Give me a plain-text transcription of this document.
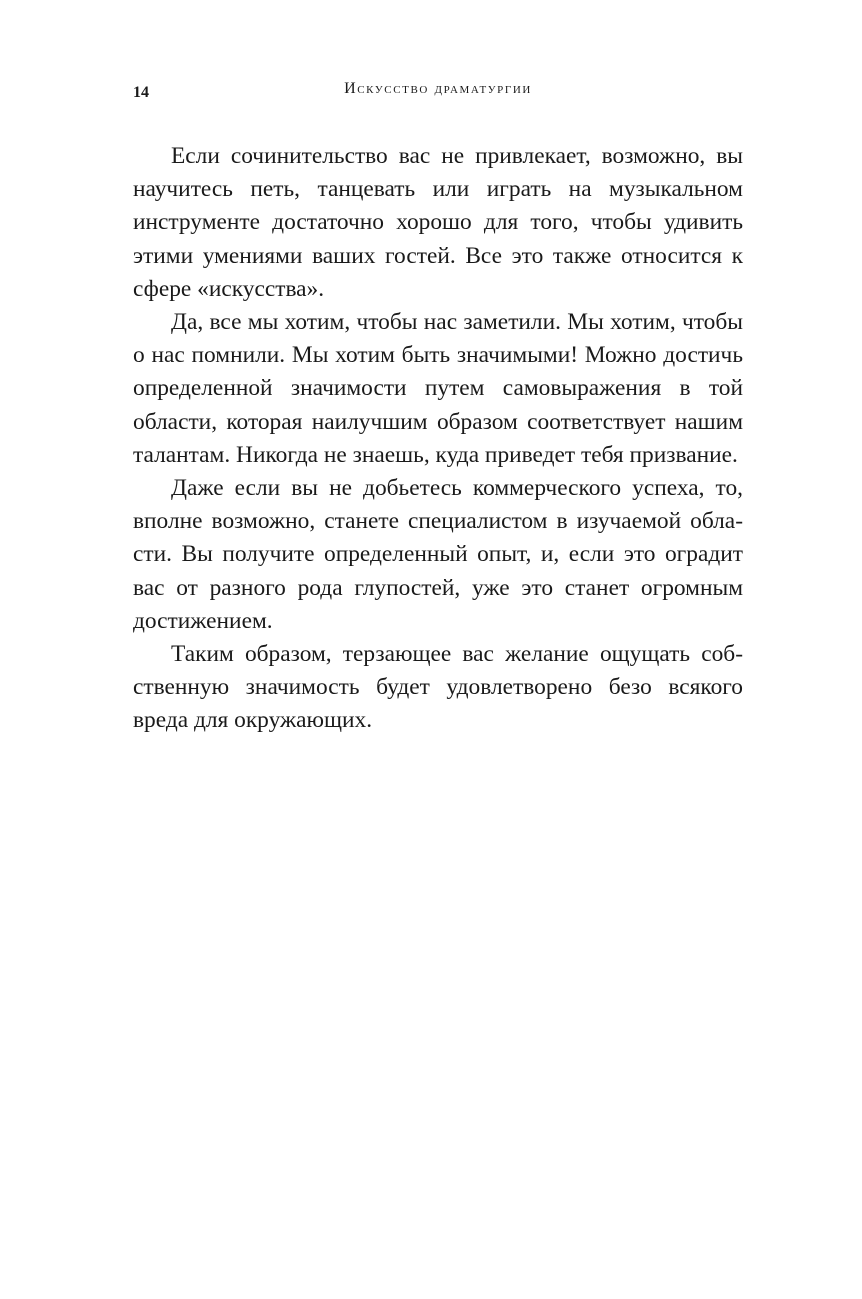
14	Искусство драматургии

Если сочинительство вас не привлекает, возможно, вы научитесь петь, танцевать или играть на музыкальном инструменте достаточно хорошо для того, чтобы удивить этими умениями ваших гостей. Все это также относится к сфере «искусства».

Да, все мы хотим, чтобы нас заметили. Мы хотим, чтобы о нас помнили. Мы хотим быть значимыми! Можно достичь определенной значимости путем самовыражения в той области, которая наилучшим образом соответствует нашим талантам. Никогда не знаешь, куда приведет тебя призвание.

Даже если вы не добьетесь коммерческого успеха, то, вполне возможно, станете специалистом в изучаемой области. Вы получите определенный опыт, и, если это оградит вас от разного рода глупостей, уже это станет огромным достижением.

Таким образом, терзающее вас желание ощущать собственную значимость будет удовлетворено безо всякого вреда для окружающих.
